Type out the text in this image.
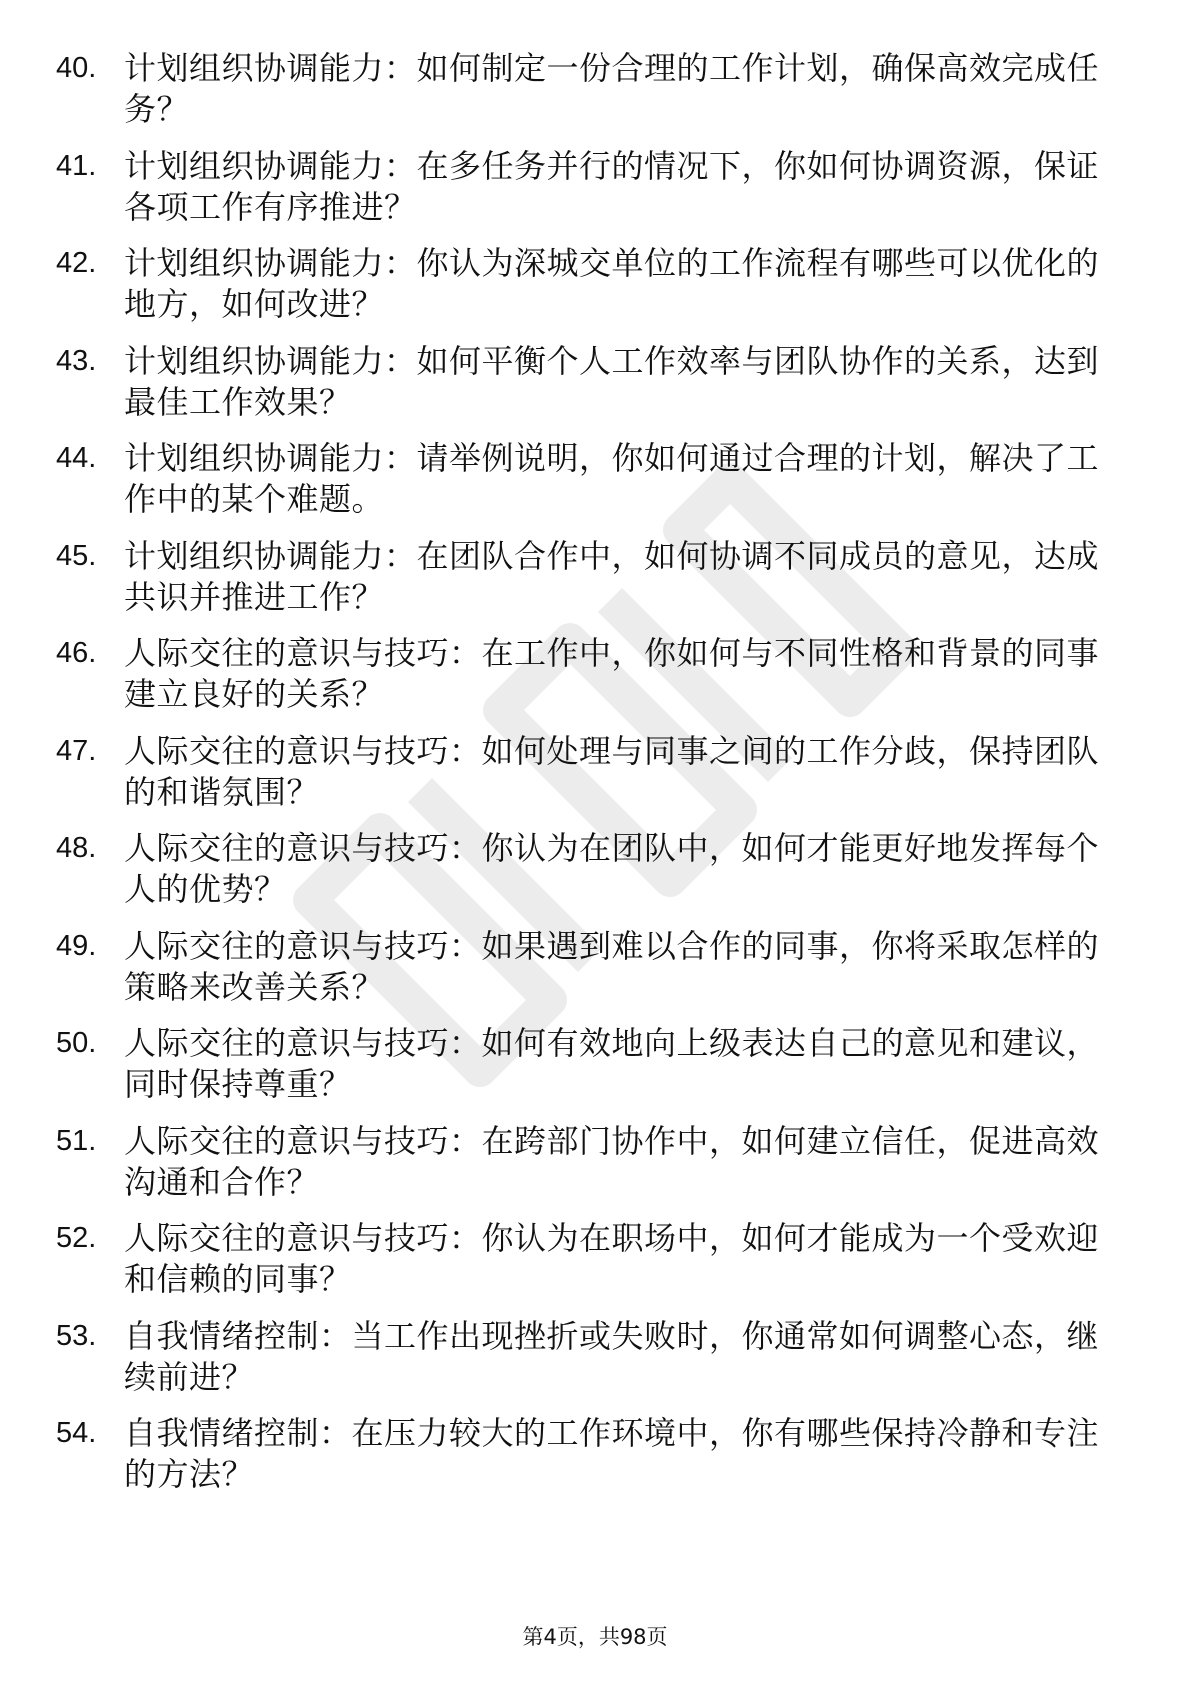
40. 计划组织协调能力：如何制定一份合理的工作计划，确保高效完成任务？
41. 计划组织协调能力：在多任务并行的情况下，你如何协调资源，保证各项工作有序推进？
42. 计划组织协调能力：你认为深城交单位的工作流程有哪些可以优化的地方，如何改进？
43. 计划组织协调能力：如何平衡个人工作效率与团队协作的关系，达到最佳工作效果？
44. 计划组织协调能力：请举例说明，你如何通过合理的计划，解决了工作中的某个难题。
45. 计划组织协调能力：在团队合作中，如何协调不同成员的意见，达成共识并推进工作？
46. 人际交往的意识与技巧：在工作中，你如何与不同性格和背景的同事建立良好的关系？
47. 人际交往的意识与技巧：如何处理与同事之间的工作分歧，保持团队的和谐氛围？
48. 人际交往的意识与技巧：你认为在团队中，如何才能更好地发挥每个人的优势？
49. 人际交往的意识与技巧：如果遇到难以合作的同事，你将采取怎样的策略来改善关系？
50. 人际交往的意识与技巧：如何有效地向上级表达自己的意见和建议，同时保持尊重？
51. 人际交往的意识与技巧：在跨部门协作中，如何建立信任，促进高效沟通和合作？
52. 人际交往的意识与技巧：你认为在职场中，如何才能成为一个受欢迎和信赖的同事？
53. 自我情绪控制：当工作出现挫折或失败时，你通常如何调整心态，继续前进？
54. 自我情绪控制：在压力较大的工作环境中，你有哪些保持冷静和专注的方法？
第4页，共98页
